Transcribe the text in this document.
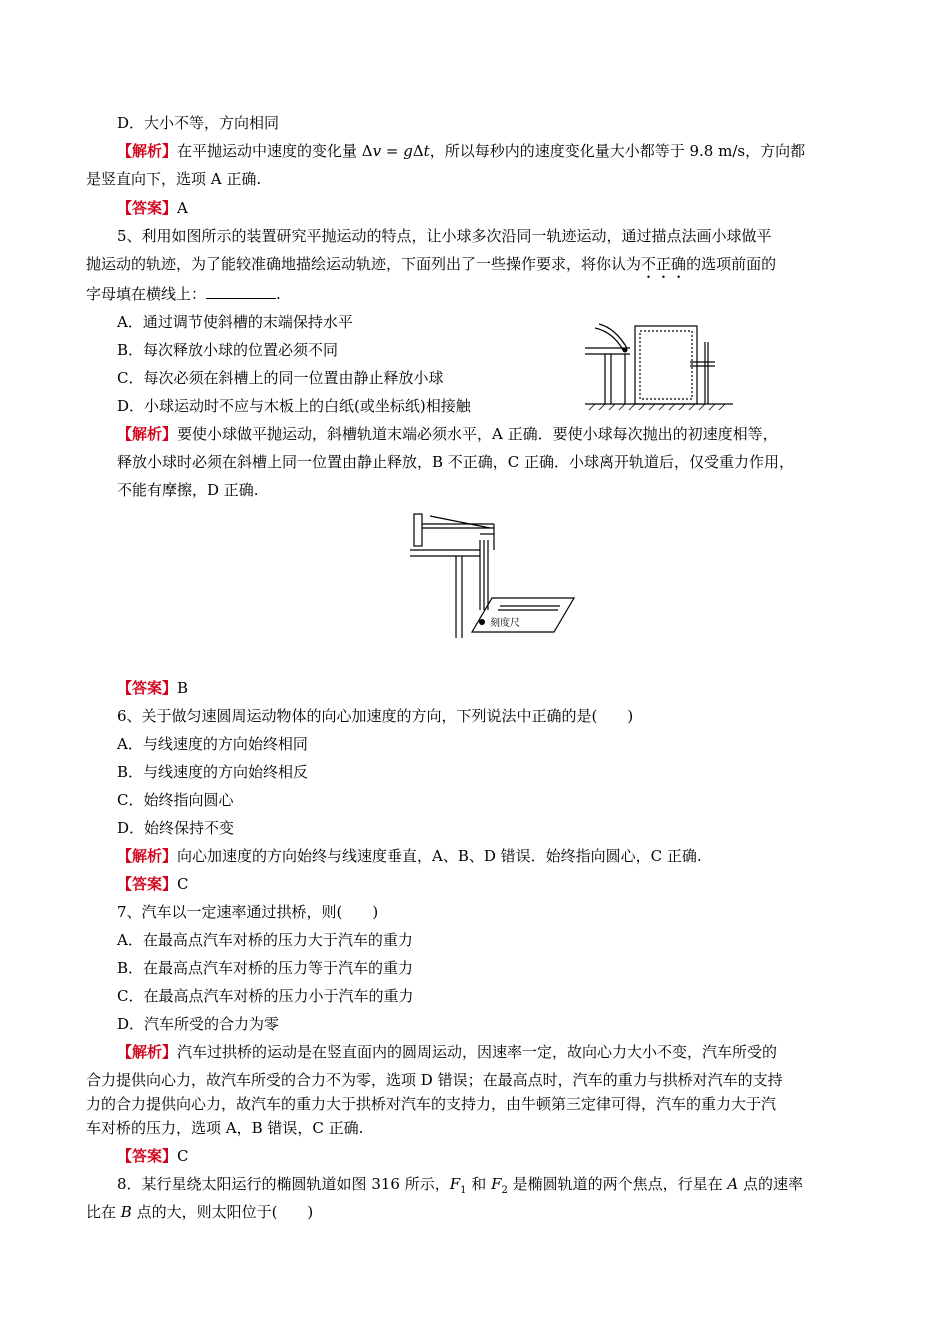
D．大小不等，方向相同
【解析】在平抛运动中速度的变化量 Δv = gΔt，所以每秒内的速度变化量大小都等于 9.8 m/s，方向都
是竖直向下，选项 A 正确.
【答案】A
5、利用如图所示的装置研究平抛运动的特点，让小球多次沿同一轨迹运动，通过描点法画小球做平
抛运动的轨迹，为了能较准确地描绘运动轨迹，下面列出了一些操作要求，将你认为不正确的选项前面的
字母填在横线上：	.
A．通过调节使斜槽的末端保持水平
B．每次释放小球的位置必须不同
C．每次必须在斜槽上的同一位置由静止释放小球
D．小球运动时不应与木板上的白纸(或坐标纸)相接触
【解析】要使小球做平抛运动，斜槽轨道末端必须水平，A 正确．要使小球每次抛出的初速度相等，
释放小球时必须在斜槽上同一位置由静止释放，B 不正确，C 正确．小球离开轨道后，仅受重力作用，
不能有摩擦，D 正确.
刻度尺
【答案】B
6、关于做匀速圆周运动物体的向心加速度的方向，下列说法中正确的是(　　)
A．与线速度的方向始终相同
B．与线速度的方向始终相反
C．始终指向圆心
D．始终保持不变
【解析】向心加速度的方向始终与线速度垂直，A、B、D 错误．始终指向圆心，C 正确.
【答案】C
7、汽车以一定速率通过拱桥，则(　　)
A．在最高点汽车对桥的压力大于汽车的重力
B．在最高点汽车对桥的压力等于汽车的重力
C．在最高点汽车对桥的压力小于汽车的重力
D．汽车所受的合力为零
【解析】汽车过拱桥的运动是在竖直面内的圆周运动，因速率一定，故向心力大小不变，汽车所受的
合力提供向心力，故汽车所受的合力不为零，选项 D 错误；在最高点时，汽车的重力与拱桥对汽车的支持
力的合力提供向心力，故汽车的重力大于拱桥对汽车的支持力，由牛顿第三定律可得，汽车的重力大于汽
车对桥的压力，选项 A，B 错误，C 正确.
【答案】C
8．某行星绕太阳运行的椭圆轨道如图 316 所示，$F_1$ 和 $F_2$ 是椭圆轨道的两个焦点，行星在 A 点的速率
比在 B 点的大，则太阳位于(　　)
